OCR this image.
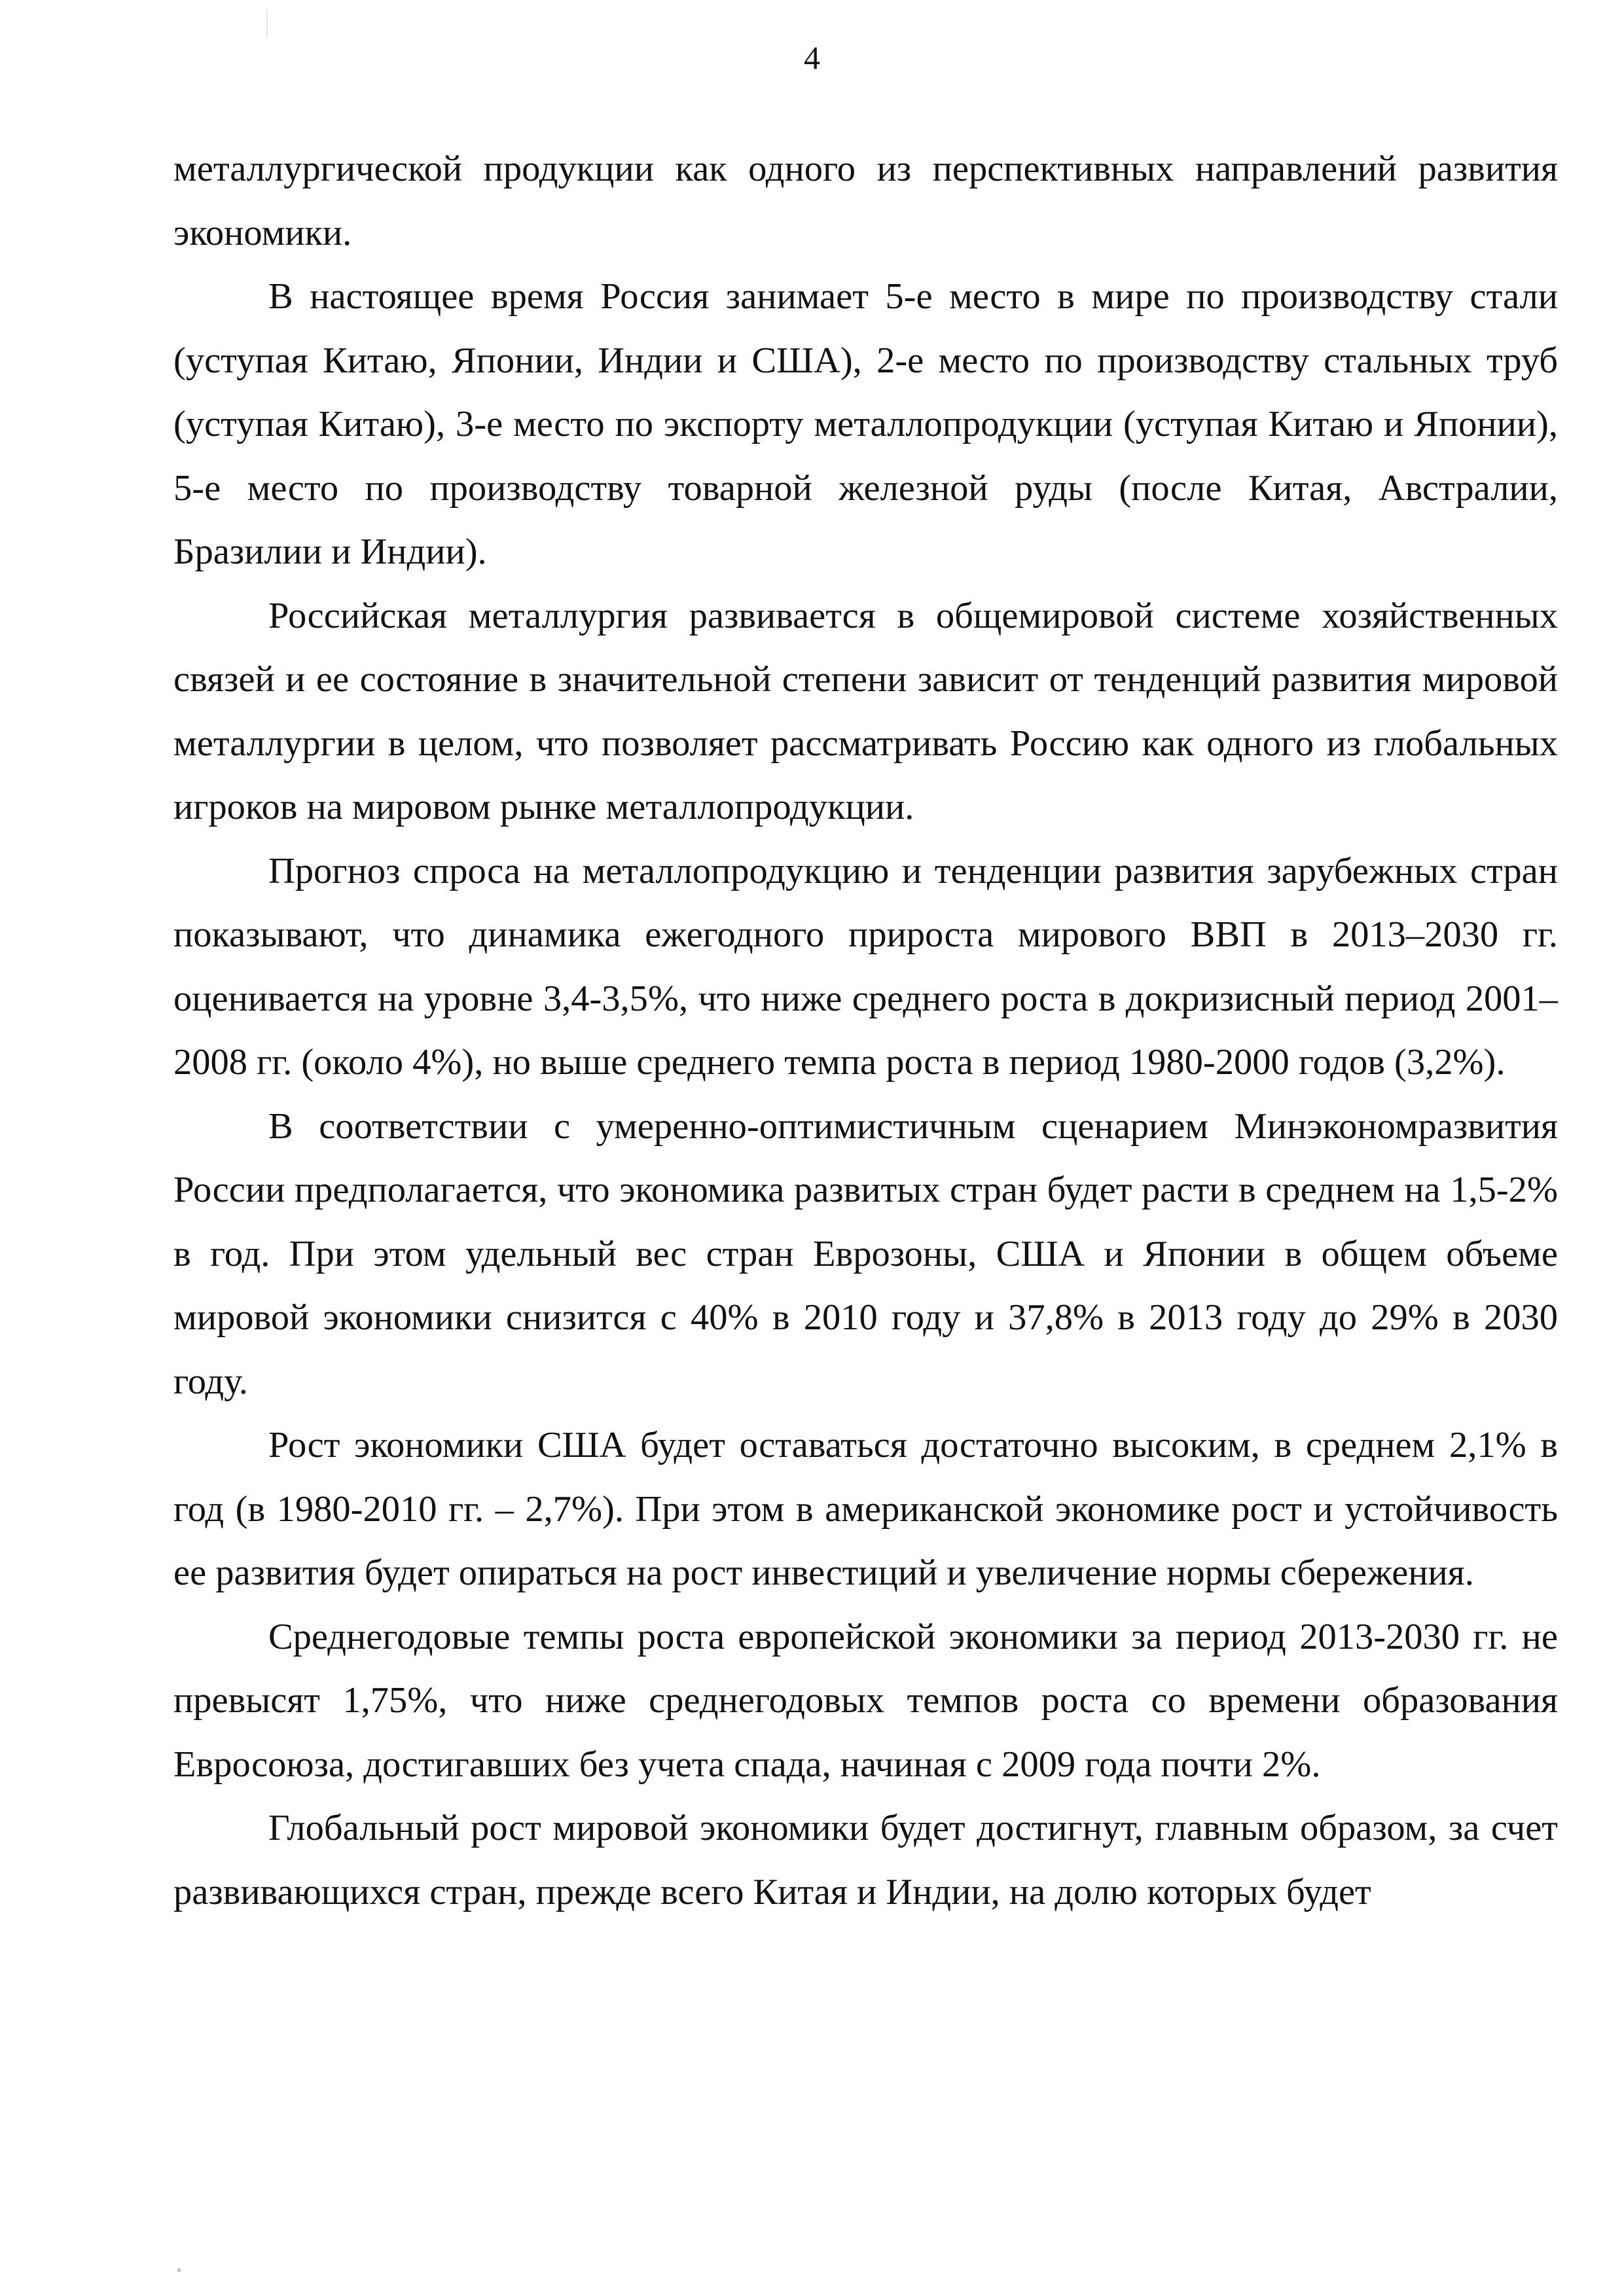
4

металлургической продукции как одного из перспективных направлений развития экономики.

В настоящее время Россия занимает 5-е место в мире по производству стали (уступая Китаю, Японии, Индии и США), 2-е место по производству стальных труб (уступая Китаю), 3-е место по экспорту металлопродукции (уступая Китаю и Японии), 5-е место по производству товарной железной руды (после Китая, Австралии, Бразилии и Индии).

Российская металлургия развивается в общемировой системе хозяйственных связей и ее состояние в значительной степени зависит от тенденций развития мировой металлургии в целом, что позволяет рассматривать Россию как одного из глобальных игроков на мировом рынке металлопродукции.

Прогноз спроса на металлопродукцию и тенденции развития зарубежных стран показывают, что динамика ежегодного прироста мирового ВВП в 2013–2030 гг. оценивается на уровне 3,4-3,5%, что ниже среднего роста в докризисный период 2001–2008 гг. (около 4%), но выше среднего темпа роста в период 1980-2000 годов (3,2%).

В соответствии с умеренно-оптимистичным сценарием Минэкономразвития России предполагается, что экономика развитых стран будет расти в среднем на 1,5-2% в год. При этом удельный вес стран Еврозоны, США и Японии в общем объеме мировой экономики снизится с 40% в 2010 году и 37,8% в 2013 году до 29% в 2030 году.

Рост экономики США будет оставаться достаточно высоким, в среднем 2,1% в год (в 1980-2010 гг. – 2,7%). При этом в американской экономике рост и устойчивость ее развития будет опираться на рост инвестиций и увеличение нормы сбережения.

Среднегодовые темпы роста европейской экономики за период 2013-2030 гг. не превысят 1,75%, что ниже среднегодовых темпов роста со времени образования Евросоюза, достигавших без учета спада, начиная с 2009 года почти 2%.

Глобальный рост мировой экономики будет достигнут, главным образом, за счет развивающихся стран, прежде всего Китая и Индии, на долю которых будет
